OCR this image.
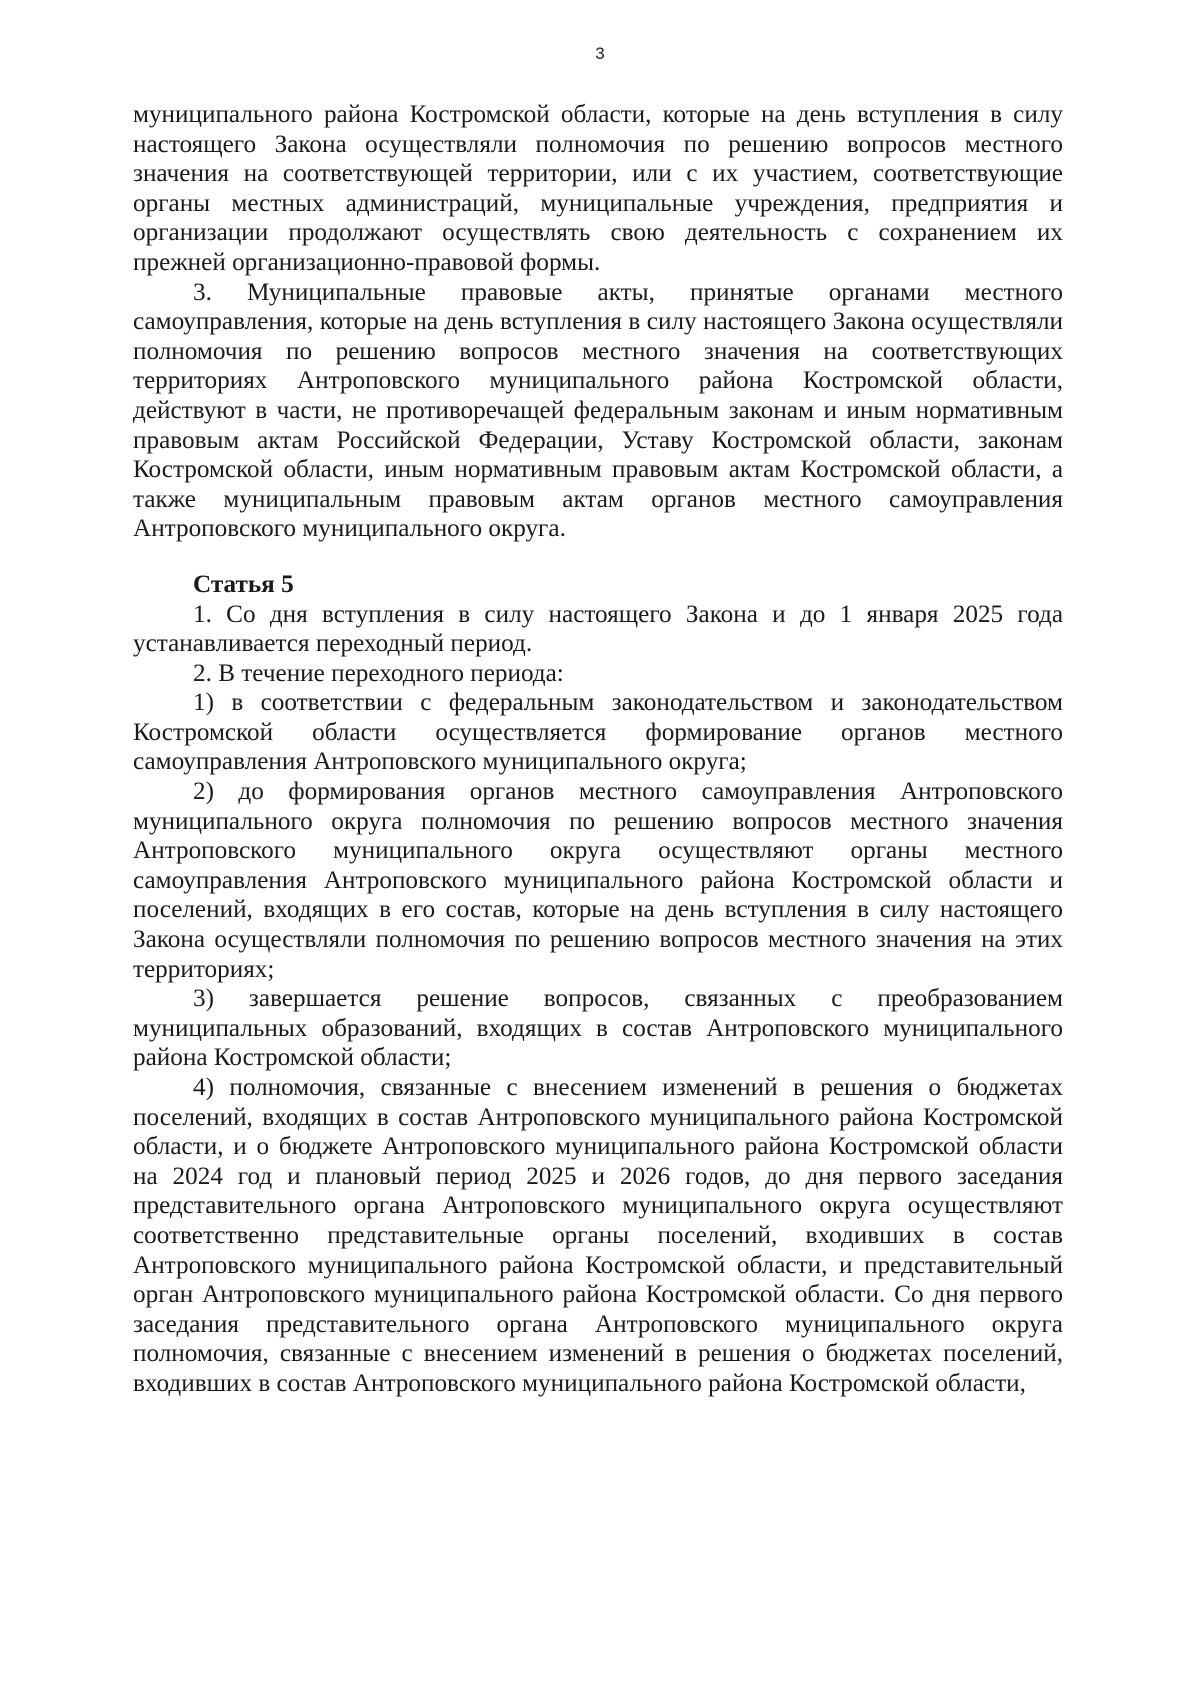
3

муниципального района Костромской области, которые на день вступления в силу настоящего Закона осуществляли полномочия по решению вопросов местного значения на соответствующей территории, или с их участием, соответствующие органы местных администраций, муниципальные учреждения, предприятия и организации продолжают осуществлять свою деятельность с сохранением их прежней организационно-правовой формы.

3. Муниципальные правовые акты, принятые органами местного самоуправления, которые на день вступления в силу настоящего Закона осуществляли полномочия по решению вопросов местного значения на соответствующих территориях Антроповского муниципального района Костромской области, действуют в части, не противоречащей федеральным законам и иным нормативным правовым актам Российской Федерации, Уставу Костромской области, законам Костромской области, иным нормативным правовым актам Костромской области, а также муниципальным правовым актам органов местного самоуправления Антроповского муниципального округа.

Статья 5

1. Со дня вступления в силу настоящего Закона и до 1 января 2025 года устанавливается переходный период.

2. В течение переходного периода:

1) в соответствии с федеральным законодательством и законодательством Костромской области осуществляется формирование органов местного самоуправления Антроповского муниципального округа;

2) до формирования органов местного самоуправления Антроповского муниципального округа полномочия по решению вопросов местного значения Антроповского муниципального округа осуществляют органы местного самоуправления Антроповского муниципального района Костромской области и поселений, входящих в его состав, которые на день вступления в силу настоящего Закона осуществляли полномочия по решению вопросов местного значения на этих территориях;

3) завершается решение вопросов, связанных с преобразованием муниципальных образований, входящих в состав Антроповского муниципального района Костромской области;

4) полномочия, связанные с внесением изменений в решения о бюджетах поселений, входящих в состав Антроповского муниципального района Костромской области, и о бюджете Антроповского муниципального района Костромской области на 2024 год и плановый период 2025 и 2026 годов, до дня первого заседания представительного органа Антроповского муниципального округа осуществляют соответственно представительные органы поселений, входивших в состав Антроповского муниципального района Костромской области, и представительный орган Антроповского муниципального района Костромской области. Со дня первого заседания представительного органа Антроповского муниципального округа полномочия, связанные с внесением изменений в решения о бюджетах поселений, входивших в состав Антроповского муниципального района Костромской области,
